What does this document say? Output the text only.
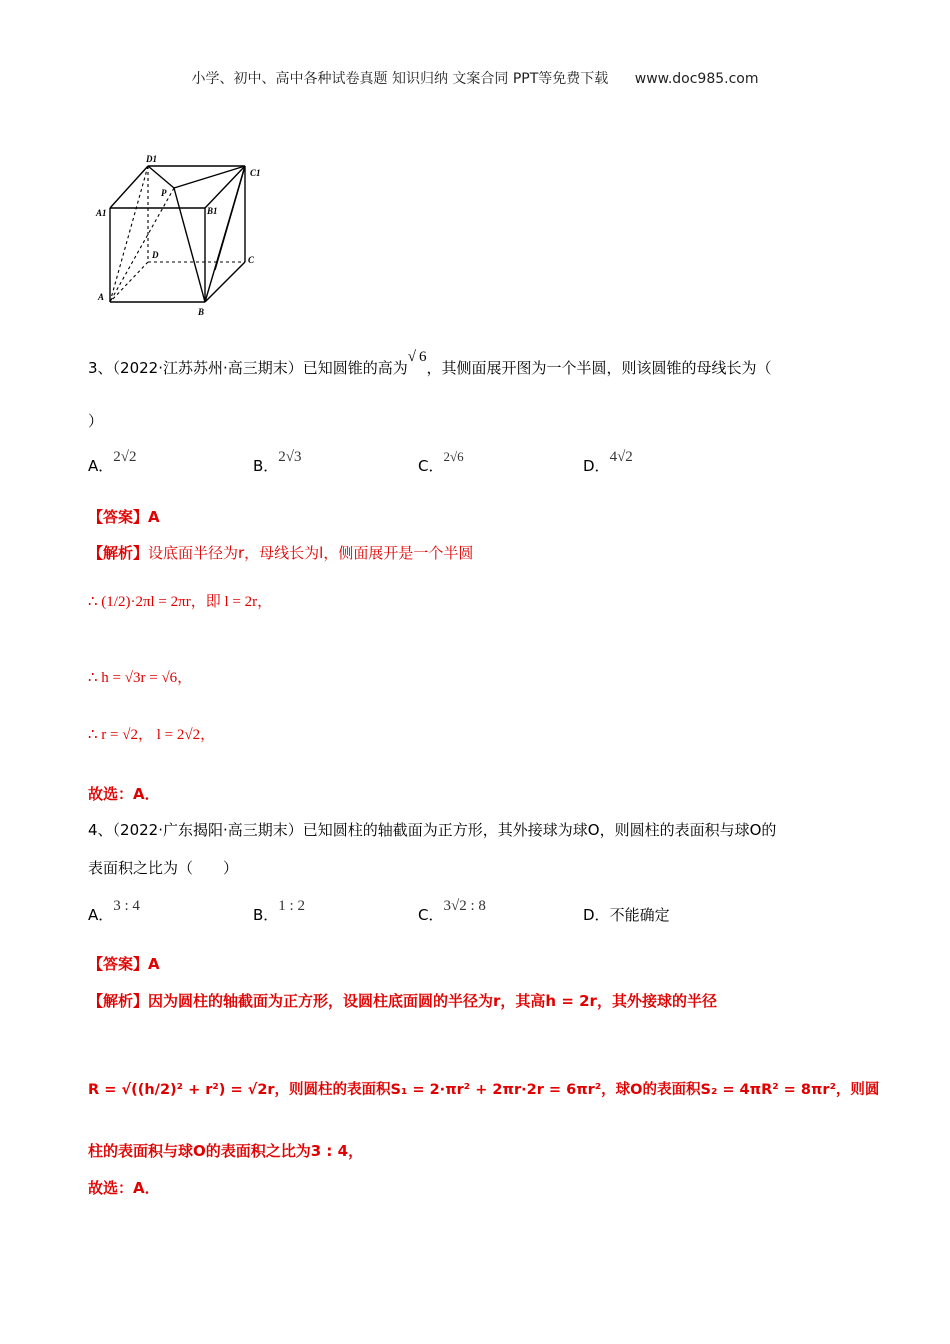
小学、初中、高中各种试卷真题 知识归纳 文案合同 PPT等免费下载 www.doc985.com
D1
C1
P
A1	B1
D	C
A
B
3、（2022·江苏苏州·高三期末）已知圆锥的高为√ 6，其侧面展开图为一个半圆，则该圆锥的母线长为（
）
A．2√2	B．2√3	C．2√6
D．4√2
【答案】A
【解析】设底面半径为r，母线长为l，侧面展开是一个半圆
∴ (1/2)·2πl = 2πr，即 l = 2r，
∴ h = √3r = √6，
∴ r = √2， l = 2√2，
故选：A．
4、（2022·广东揭阳·高三期末）已知圆柱的轴截面为正方形，其外接球为球O，则圆柱的表面积与球O的
表面积之比为（　　）
A．3 : 4	B．1 : 2	C．3√2 : 8	D．不能确定
【答案】A
【解析】因为圆柱的轴截面为正方形，设圆柱底面圆的半径为r，其高h = 2r，其外接球的半径
R = √((h/2)² + r²) = √2r，则圆柱的表面积S₁ = 2·πr² + 2πr·2r = 6πr²，球O的表面积S₂ = 4πR² = 8πr²，则圆
柱的表面积与球O的表面积之比为3 : 4，
故选：A．
